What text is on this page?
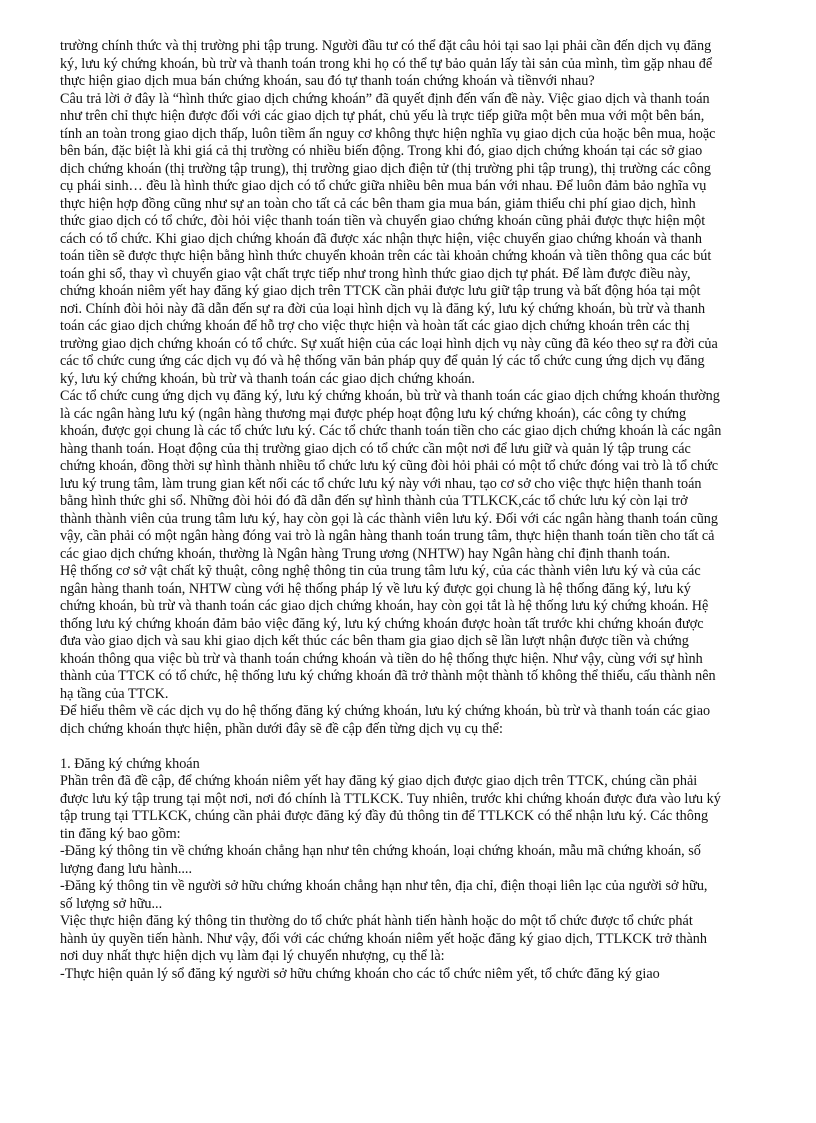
trường chính thức và thị trường phi tập trung. Người đầu tư có thể đặt câu hỏi tại sao lại phải cần đến dịch vụ đăng ký, lưu ký chứng khoán, bù trừ và thanh toán trong khi họ có thể tự bảo quản lấy tài sản của mình, tìm gặp nhau để thực hiện giao dịch mua bán chứng khoán, sau đó tự thanh toán chứng khoán và tiềnvới nhau?

Câu trả lời ở đây là “hình thức giao dịch chứng khoán” đã quyết định đến vấn đề này. Việc giao dịch và thanh toán như trên chỉ thực hiện được đối với các giao dịch tự phát, chủ yếu là trực tiếp giữa một bên mua với một bên bán, tính an toàn trong giao dịch thấp, luôn tiềm ẩn nguy cơ không thực hiện nghĩa vụ giao dịch của hoặc bên mua, hoặc bên bán, đặc biệt là khi giá cả thị trường có nhiều biến động. Trong khi đó, giao dịch chứng khoán tại các sở giao dịch chứng khoán (thị trường tập trung), thị trường giao dịch điện tử (thị trường phi tập trung), thị trường các công cụ phái sinh… đều là hình thức giao dịch có tổ chức giữa nhiều bên mua bán với nhau. Để luôn đảm bảo nghĩa vụ thực hiện hợp đồng cũng như sự an toàn cho tất cả các bên tham gia mua bán, giảm thiểu chi phí giao dịch, hình thức giao dịch có tổ chức, đòi hỏi việc thanh toán tiền và chuyển giao chứng khoán cũng phải được thực hiện một cách có tổ chức. Khi giao dịch chứng khoán đã được xác nhận thực hiện, việc chuyển giao chứng khoán và thanh toán tiền sẽ được thực hiện bằng hình thức chuyển khoản trên các tài khoản chứng khoán và tiền thông qua các bút toán ghi sổ, thay vì chuyển giao vật chất trực tiếp như trong hình thức giao dịch tự phát. Để làm được điều này, chứng khoán niêm yết hay đăng ký giao dịch trên TTCK cần phải được lưu giữ tập trung và bất động hóa tại một nơi. Chính đòi hỏi này đã dẫn đến sự ra đời của loại hình dịch vụ là đăng ký, lưu ký chứng khoán, bù trừ và thanh toán các giao dịch chứng khoán để hỗ trợ cho việc thực hiện và hoàn tất các giao dịch chứng khoán trên các thị trường giao dịch chứng khoán có tổ chức. Sự xuất hiện của các loại hình dịch vụ này cũng đã kéo theo sự ra đời của các tổ chức cung ứng các dịch vụ đó và hệ thống văn bản pháp quy để quản lý các tổ chức cung ứng dịch vụ đăng ký, lưu ký chứng khoán, bù trừ và thanh toán các giao dịch chứng khoán.

Các tổ chức cung ứng dịch vụ đăng ký, lưu ký chứng khoán, bù trừ và thanh toán các giao dịch chứng khoán thường là các ngân hàng lưu ký (ngân hàng thương mại được phép hoạt động lưu ký chứng khoán), các công ty chứng khoán, được gọi chung là các tổ chức lưu ký. Các tổ chức thanh toán tiền cho các giao dịch chứng khoán là các ngân hàng thanh toán. Hoạt động của thị trường giao dịch có tổ chức cần một nơi để lưu giữ và quản lý tập trung các chứng khoán, đồng thời sự hình thành nhiều tổ chức lưu ký cũng đòi hỏi phải có một tổ chức đóng vai trò là tổ chức lưu ký trung tâm, làm trung gian kết nối các tổ chức lưu ký này với nhau, tạo cơ sở cho việc thực hiện thanh toán bằng hình thức ghi sổ. Những đòi hỏi đó đã dẫn đến sự hình thành của TTLKCK,các tổ chức lưu ký còn lại trở thành thành viên của trung tâm lưu ký, hay còn gọi là các thành viên lưu ký. Đối với các ngân hàng thanh toán cũng vậy, cần phải có một ngân hàng đóng vai trò là ngân hàng thanh toán trung tâm, thực hiện thanh toán tiền cho tất cả các giao dịch chứng khoán, thường là Ngân hàng Trung ương (NHTW) hay Ngân hàng chỉ định thanh toán.

Hệ thống cơ sở vật chất kỹ thuật, công nghệ thông tin của trung tâm lưu ký, của các thành viên lưu ký và của các ngân hàng thanh toán, NHTW cùng với hệ thống pháp lý về lưu ký được gọi chung là hệ thống đăng ký, lưu ký chứng khoán, bù trừ và thanh toán các giao dịch chứng khoán, hay còn gọi tắt là hệ thống lưu ký chứng khoán. Hệ thống lưu ký chứng khoán đảm bảo việc đăng ký, lưu ký chứng khoán được hoàn tất trước khi chứng khoán được đưa vào giao dịch và sau khi giao dịch kết thúc các bên tham gia giao dịch sẽ lần lượt nhận được tiền và chứng khoán thông qua việc bù trừ và thanh toán chứng khoán và tiền do hệ thống thực hiện. Như vậy, cùng với sự hình thành của TTCK có tổ chức, hệ thống lưu ký chứng khoán đã trở thành một thành tố không thể thiếu, cấu thành nên hạ tầng của TTCK.

Để hiểu thêm về các dịch vụ do hệ thống đăng ký chứng khoán, lưu ký chứng khoán, bù trừ và thanh toán các giao dịch chứng khoán thực hiện, phần dưới đây sẽ đề cập đến từng dịch vụ cụ thể:

1. Đăng ký chứng khoán

Phần trên đã đề cập, để chứng khoán niêm yết hay đăng ký giao dịch được giao dịch trên TTCK, chúng cần phải được lưu ký tập trung tại một nơi, nơi đó chính là TTLKCK. Tuy nhiên, trước khi chứng khoán được đưa vào lưu ký tập trung tại TTLKCK, chúng cần phải được đăng ký đầy đủ thông tin để TTLKCK có thể nhận lưu ký. Các thông tin đăng ký bao gồm:

-Đăng ký thông tin về chứng khoán chẳng hạn như tên chứng khoán, loại chứng khoán, mẫu mã chứng khoán, số lượng đang lưu hành....

-Đăng ký thông tin về người sở hữu chứng khoán chẳng hạn như tên, địa chỉ, điện thoại liên lạc của người sở hữu, số lượng sở hữu...

Việc thực hiện đăng ký thông tin thường do tổ chức phát hành tiến hành hoặc do một tổ chức được tổ chức phát hành ủy quyền tiến hành. Như vậy, đối với các chứng khoán niêm yết hoặc đăng ký giao dịch, TTLKCK trở thành nơi duy nhất thực hiện dịch vụ làm đại lý chuyển nhượng, cụ thể là:

-Thực hiện quản lý sổ đăng ký người sở hữu chứng khoán cho các tổ chức niêm yết, tổ chức đăng ký giao
